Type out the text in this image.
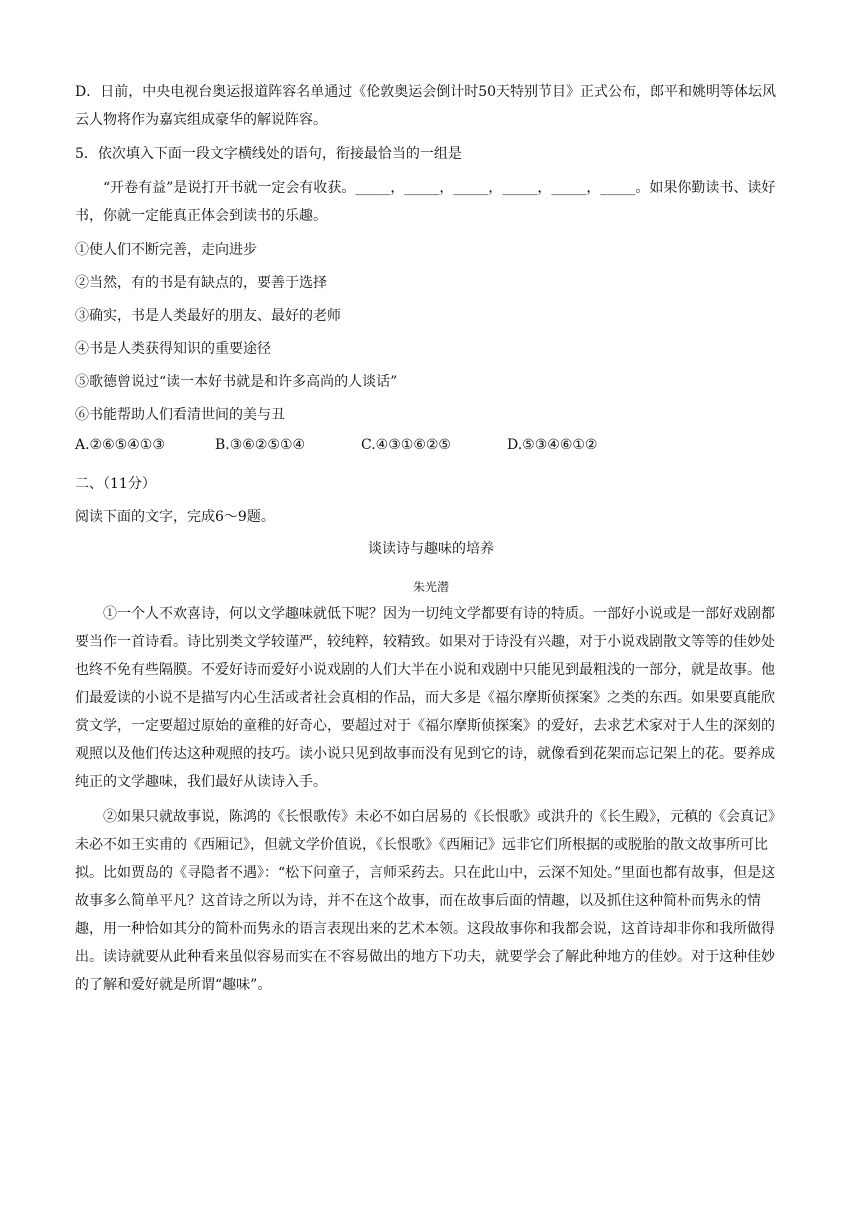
D．日前，中央电视台奥运报道阵容名单通过《伦敦奥运会倒计时50天特别节目》正式公布，郎平和姚明等体坛风云人物将作为嘉宾组成豪华的解说阵容。

5．依次填入下面一段文字横线处的语句，衔接最恰当的一组是

“开卷有益”是说打开书就一定会有收获。_____，_____，_____，_____，_____，_____。如果你勤读书、读好书，你就一定能真正体会到读书的乐趣。

①使人们不断完善，走向进步

②当然，有的书是有缺点的，要善于选择

③确实，书是人类最好的朋友、最好的老师

④书是人类获得知识的重要途径

⑤歌德曾说过“读一本好书就是和许多高尚的人谈话”

⑥书能帮助人们看清世间的美与丑

A.②⑥⑤④①③	B.③⑥②⑤①④	C.④③①⑥②⑤	D.⑤③④⑥①②

二、（11分）

阅读下面的文字，完成6～9题。

谈读诗与趣味的培养

朱光潜

①一个人不欢喜诗，何以文学趣味就低下呢？因为一切纯文学都要有诗的特质。一部好小说或是一部好戏剧都要当作一首诗看。诗比别类文学较谨严，较纯粹，较精致。如果对于诗没有兴趣，对于小说戏剧散文等等的佳妙处也终不免有些隔膜。不爱好诗而爱好小说戏剧的人们大半在小说和戏剧中只能见到最粗浅的一部分，就是故事。他们最爱读的小说不是描写内心生活或者社会真相的作品，而大多是《福尔摩斯侦探案》之类的东西。如果要真能欣赏文学，一定要超过原始的童稚的好奇心，要超过对于《福尔摩斯侦探案》的爱好，去求艺术家对于人生的深刻的观照以及他们传达这种观照的技巧。读小说只见到故事而没有见到它的诗，就像看到花架而忘记架上的花。要养成纯正的文学趣味，我们最好从读诗入手。

②如果只就故事说，陈鸿的《长恨歌传》未必不如白居易的《长恨歌》或洪升的《长生殿》，元稹的《会真记》未必不如王实甫的《西厢记》，但就文学价值说，《长恨歌》《西厢记》远非它们所根据的或脱胎的散文故事所可比拟。比如贾岛的《寻隐者不遇》：“松下问童子，言师采药去。只在此山中，云深不知处。”里面也都有故事，但是这故事多么简单平凡？这首诗之所以为诗，并不在这个故事，而在故事后面的情趣，以及抓住这种简朴而隽永的情趣，用一种恰如其分的简朴而隽永的语言表现出来的艺术本领。这段故事你和我都会说，这首诗却非你和我所做得出。读诗就要从此种看来虽似容易而实在不容易做出的地方下功夫，就要学会了解此种地方的佳妙。对于这种佳妙的了解和爱好就是所谓“趣味”。
